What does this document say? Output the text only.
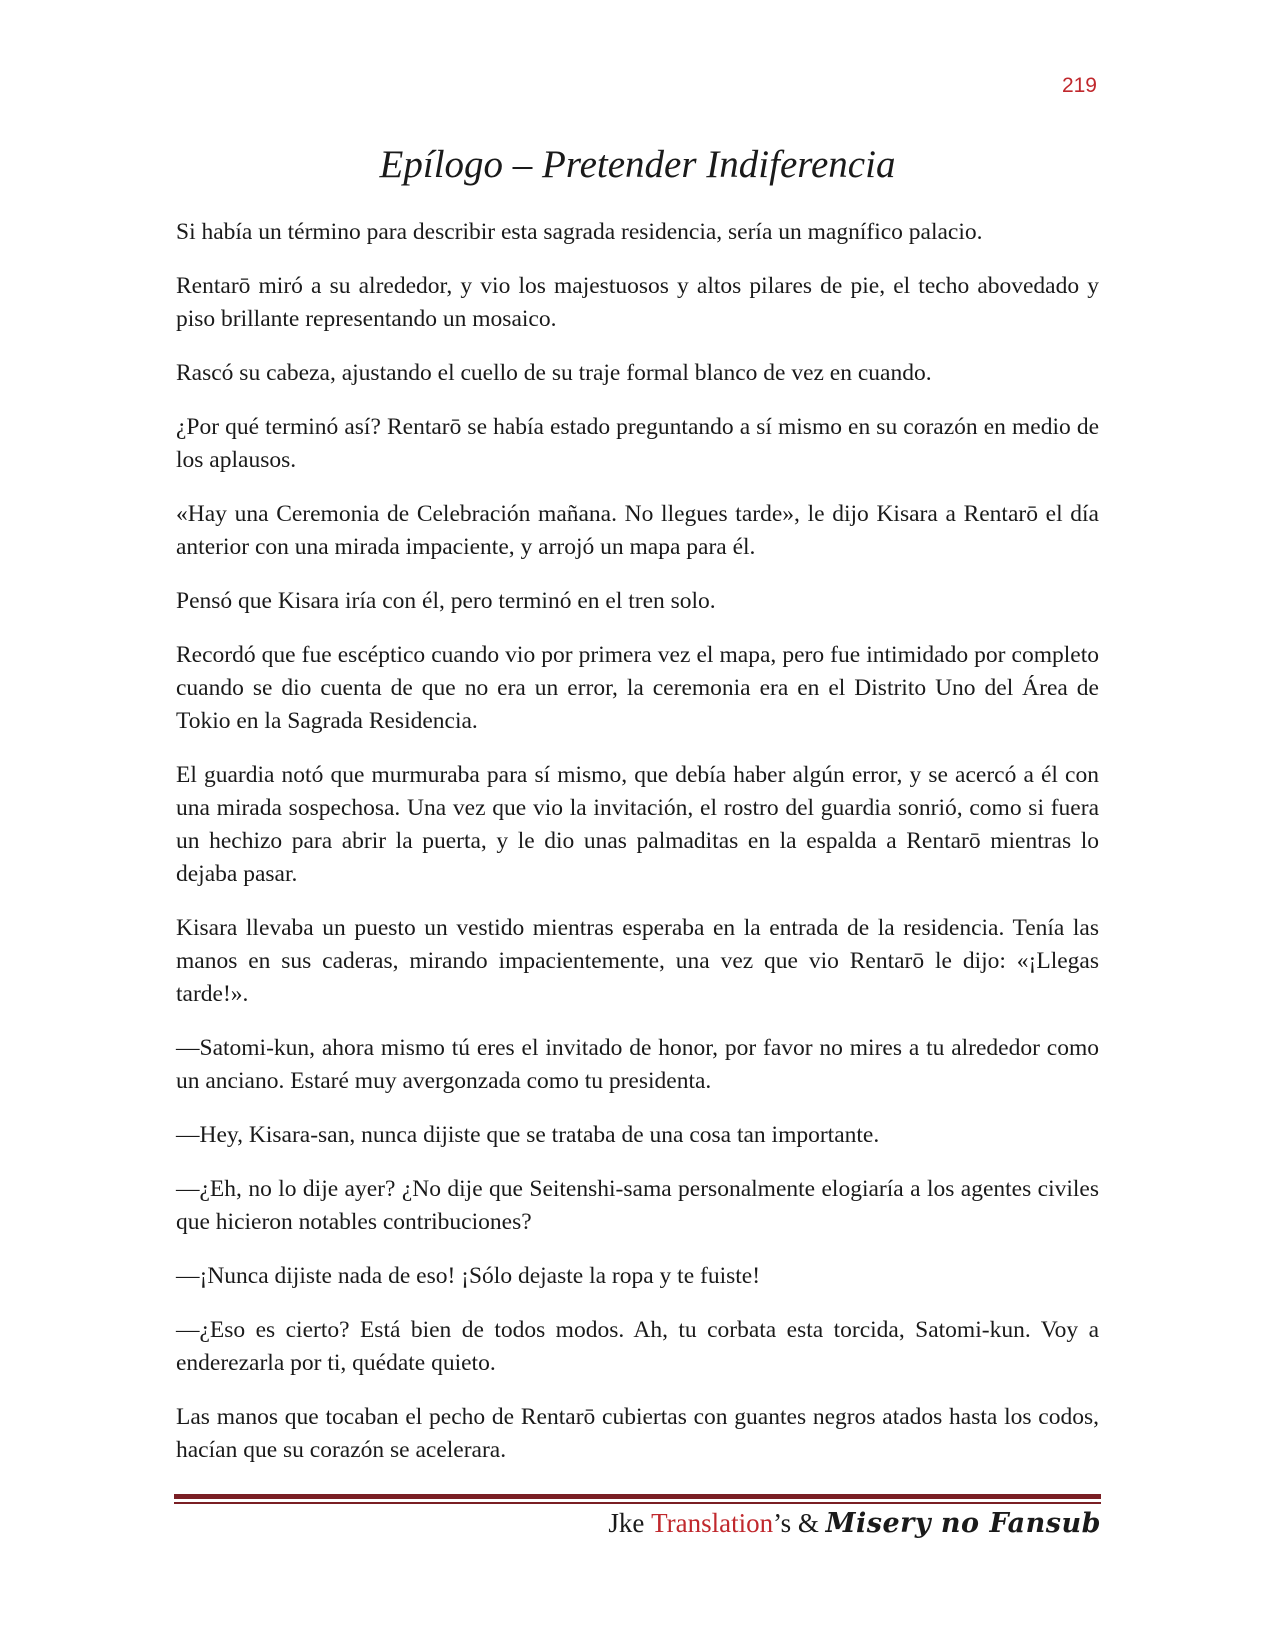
219
Epílogo – Pretender Indiferencia

Si había un término para describir esta sagrada residencia, sería un magnífico palacio.

Rentarō miró a su alrededor, y vio los majestuosos y altos pilares de pie, el techo abovedado y piso brillante representando un mosaico.

Rascó su cabeza, ajustando el cuello de su traje formal blanco de vez en cuando.

¿Por qué terminó así? Rentarō se había estado preguntando a sí mismo en su corazón en medio de los aplausos.

«Hay una Ceremonia de Celebración mañana. No llegues tarde», le dijo Kisara a Rentarō el día anterior con una mirada impaciente, y arrojó un mapa para él.

Pensó que Kisara iría con él, pero terminó en el tren solo.

Recordó que fue escéptico cuando vio por primera vez el mapa, pero fue intimidado por completo cuando se dio cuenta de que no era un error, la ceremonia era en el Distrito Uno del Área de Tokio en la Sagrada Residencia.

El guardia notó que murmuraba para sí mismo, que debía haber algún error, y se acercó a él con una mirada sospechosa. Una vez que vio la invitación, el rostro del guardia sonrió, como si fuera un hechizo para abrir la puerta, y le dio unas palmaditas en la espalda a Rentarō mientras lo dejaba pasar.

Kisara llevaba un puesto un vestido mientras esperaba en la entrada de la residencia. Tenía las manos en sus caderas, mirando impacientemente, una vez que vio Rentarō le dijo: «¡Llegas tarde!».

—Satomi-kun, ahora mismo tú eres el invitado de honor, por favor no mires a tu alrededor como un anciano. Estaré muy avergonzada como tu presidenta.

—Hey, Kisara-san, nunca dijiste que se trataba de una cosa tan importante.

—¿Eh, no lo dije ayer? ¿No dije que Seitenshi-sama personalmente elogiaría a los agentes civiles que hicieron notables contribuciones?

—¡Nunca dijiste nada de eso! ¡Sólo dejaste la ropa y te fuiste!

—¿Eso es cierto? Está bien de todos modos. Ah, tu corbata esta torcida, Satomi-kun. Voy a enderezarla por ti, quédate quieto.

Las manos que tocaban el pecho de Rentarō cubiertas con guantes negros atados hasta los codos, hacían que su corazón se acelerara.

Jke Translation’s & Misery no Fansub
